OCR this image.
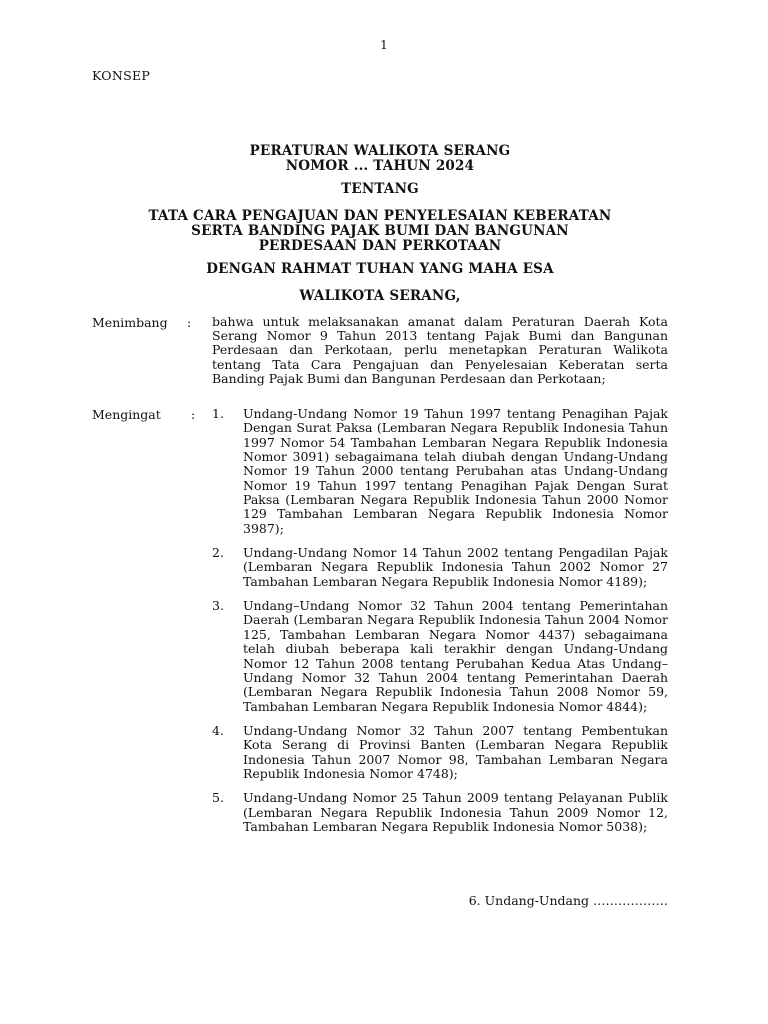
1
KONSEP
PERATURAN WALIKOTA SERANG
NOMOR ... TAHUN 2024
TENTANG
TATA CARA PENGAJUAN DAN PENYELESAIAN KEBERATAN
SERTA BANDING PAJAK BUMI DAN BANGUNAN
PERDESAAN DAN PERKOTAAN
DENGAN RAHMAT TUHAN YANG MAHA ESA
WALIKOTA SERANG,
Menimbang : bahwa untuk melaksanakan amanat dalam Peraturan Daerah Kota Serang Nomor 9 Tahun 2013 tentang Pajak Bumi dan Bangunan Perdesaan dan Perkotaan, perlu menetapkan Peraturan Walikota tentang Tata Cara Pengajuan dan Penyelesaian Keberatan serta Banding Pajak Bumi dan Bangunan Perdesaan dan Perkotaan;
Mengingat : 1. Undang-Undang Nomor 19 Tahun 1997 tentang Penagihan Pajak Dengan Surat Paksa (Lembaran Negara Republik Indonesia Tahun 1997 Nomor 54 Tambahan Lembaran Negara Republik Indonesia Nomor 3091) sebagaimana telah diubah dengan Undang-Undang Nomor 19 Tahun 2000 tentang Perubahan atas Undang-Undang Nomor 19 Tahun 1997 tentang Penagihan Pajak Dengan Surat Paksa (Lembaran Negara Republik Indonesia Tahun 2000 Nomor 129 Tambahan Lembaran Negara Republik Indonesia Nomor 3987);
2. Undang-Undang Nomor 14 Tahun 2002 tentang Pengadilan Pajak (Lembaran Negara Republik Indonesia Tahun 2002 Nomor 27 Tambahan Lembaran Negara Republik Indonesia Nomor 4189);
3. Undang–Undang Nomor 32 Tahun 2004 tentang Pemerintahan Daerah (Lembaran Negara Republik Indonesia Tahun 2004 Nomor 125, Tambahan Lembaran Negara Nomor 4437) sebagaimana telah diubah beberapa kali terakhir dengan Undang-Undang Nomor 12 Tahun 2008 tentang Perubahan Kedua Atas Undang–Undang Nomor 32 Tahun 2004 tentang Pemerintahan Daerah (Lembaran Negara Republik Indonesia Tahun 2008 Nomor 59, Tambahan Lembaran Negara Republik Indonesia Nomor 4844);
4. Undang-Undang Nomor 32 Tahun 2007 tentang Pembentukan Kota Serang di Provinsi Banten (Lembaran Negara Republik Indonesia Tahun 2007 Nomor 98, Tambahan Lembaran Negara Republik Indonesia Nomor 4748);
5. Undang-Undang Nomor 25 Tahun 2009 tentang Pelayanan Publik (Lembaran Negara Republik Indonesia Tahun 2009 Nomor 12, Tambahan Lembaran Negara Republik Indonesia Nomor 5038);
6. Undang-Undang ………………
